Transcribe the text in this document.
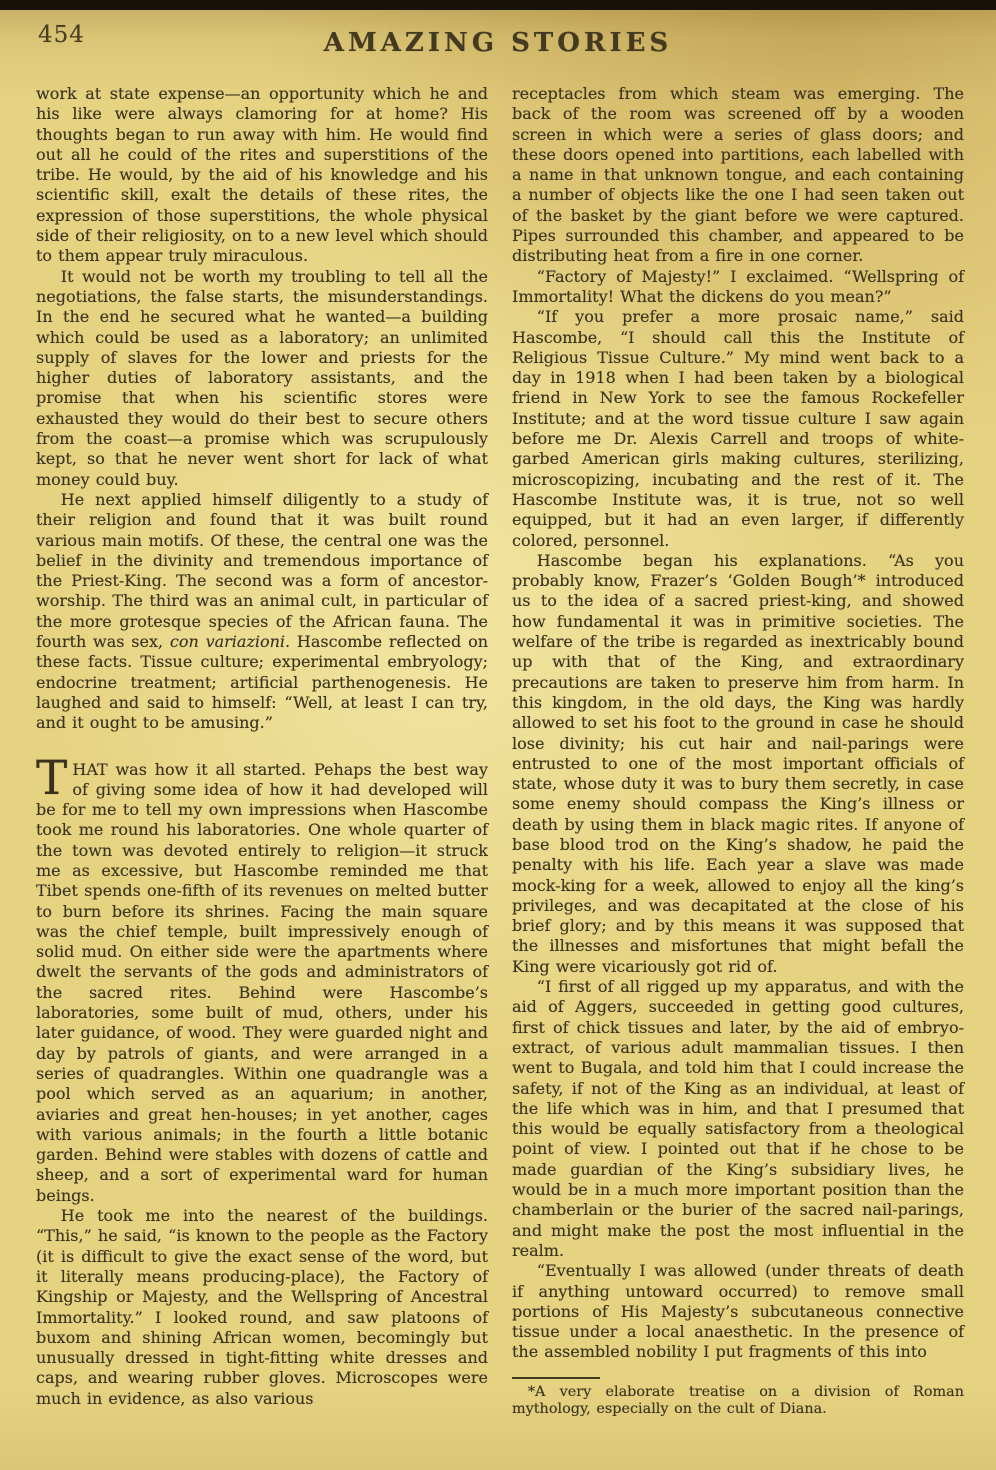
454	AMAZING STORIES

work at state expense—an opportunity which he and his like were always clamoring for at home? His thoughts began to run away with him. He would find out all he could of the rites and superstitions of the tribe. He would, by the aid of his knowledge and his scientific skill, exalt the details of these rites, the expression of those superstitions, the whole physical side of their religiosity, on to a new level which should to them appear truly miraculous.

It would not be worth my troubling to tell all the negotiations, the false starts, the misunderstandings. In the end he secured what he wanted—a building which could be used as a laboratory; an unlimited supply of slaves for the lower and priests for the higher duties of laboratory assistants, and the promise that when his scientific stores were exhausted they would do their best to secure others from the coast—a promise which was scrupulously kept, so that he never went short for lack of what money could buy.

He next applied himself diligently to a study of their religion and found that it was built round various main motifs. Of these, the central one was the belief in the divinity and tremendous importance of the Priest-King. The second was a form of ancestor-worship. The third was an animal cult, in particular of the more grotesque species of the African fauna. The fourth was sex, con variazioni. Hascombe reflected on these facts. Tissue culture; experimental embryology; endocrine treatment; artificial parthenogenesis. He laughed and said to himself: “Well, at least I can try, and it ought to be amusing.”

THAT was how it all started. Pehaps the best way of giving some idea of how it had developed will be for me to tell my own impressions when Hascombe took me round his laboratories. One whole quarter of the town was devoted entirely to religion—it struck me as excessive, but Hascombe reminded me that Tibet spends one-fifth of its revenues on melted butter to burn before its shrines. Facing the main square was the chief temple, built impressively enough of solid mud. On either side were the apartments where dwelt the servants of the gods and administrators of the sacred rites. Behind were Hascombe’s laboratories, some built of mud, others, under his later guidance, of wood. They were guarded night and day by patrols of giants, and were arranged in a series of quadrangles. Within one quadrangle was a pool which served as an aquarium; in another, aviaries and great hen-houses; in yet another, cages with various animals; in the fourth a little botanic garden. Behind were stables with dozens of cattle and sheep, and a sort of experimental ward for human beings.

He took me into the nearest of the buildings. “This,” he said, “is known to the people as the Factory (it is difficult to give the exact sense of the word, but it literally means producing-place), the Factory of Kingship or Majesty, and the Wellspring of Ancestral Immortality.” I looked round, and saw platoons of buxom and shining African women, becomingly but unusually dressed in tight-fitting white dresses and caps, and wearing rubber gloves. Microscopes were much in evidence, as also various

receptacles from which steam was emerging. The back of the room was screened off by a wooden screen in which were a series of glass doors; and these doors opened into partitions, each labelled with a name in that unknown tongue, and each containing a number of objects like the one I had seen taken out of the basket by the giant before we were captured. Pipes surrounded this chamber, and appeared to be distributing heat from a fire in one corner.

“Factory of Majesty!” I exclaimed. “Wellspring of Immortality! What the dickens do you mean?”

“If you prefer a more prosaic name,” said Hascombe, “I should call this the Institute of Religious Tissue Culture.” My mind went back to a day in 1918 when I had been taken by a biological friend in New York to see the famous Rockefeller Institute; and at the word tissue culture I saw again before me Dr. Alexis Carrell and troops of white-garbed American girls making cultures, sterilizing, microscopizing, incubating and the rest of it. The Hascombe Institute was, it is true, not so well equipped, but it had an even larger, if differently colored, personnel.

Hascombe began his explanations. “As you probably know, Frazer’s ‘Golden Bough’* introduced us to the idea of a sacred priest-king, and showed how fundamental it was in primitive societies. The welfare of the tribe is regarded as inextricably bound up with that of the King, and extraordinary precautions are taken to preserve him from harm. In this kingdom, in the old days, the King was hardly allowed to set his foot to the ground in case he should lose divinity; his cut hair and nail-parings were entrusted to one of the most important officials of state, whose duty it was to bury them secretly, in case some enemy should compass the King’s illness or death by using them in black magic rites. If anyone of base blood trod on the King’s shadow, he paid the penalty with his life. Each year a slave was made mock-king for a week, allowed to enjoy all the king’s privileges, and was decapitated at the close of his brief glory; and by this means it was supposed that the illnesses and misfortunes that might befall the King were vicariously got rid of.

“I first of all rigged up my apparatus, and with the aid of Aggers, succeeded in getting good cultures, first of chick tissues and later, by the aid of embryo-extract, of various adult mammalian tissues. I then went to Bugala, and told him that I could increase the safety, if not of the King as an individual, at least of the life which was in him, and that I presumed that this would be equally satisfactory from a theological point of view. I pointed out that if he chose to be made guardian of the King’s subsidiary lives, he would be in a much more important position than the chamberlain or the burier of the sacred nail-parings, and might make the post the most influential in the realm.

“Eventually I was allowed (under threats of death if anything untoward occurred) to remove small portions of His Majesty’s subcutaneous connective tissue under a local anaesthetic. In the presence of the assembled nobility I put fragments of this into

*A very elaborate treatise on a division of Roman mythology, especially on the cult of Diana.
